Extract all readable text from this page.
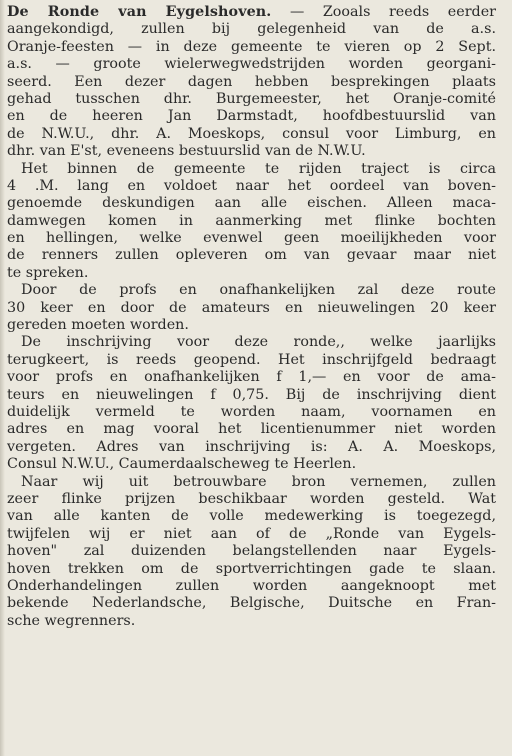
De Ronde van Eygelshoven. — Zooals reeds eerder
aangekondigd, zullen bij gelegenheid van de a.s.
Oranje-feesten — in deze gemeente te vieren op 2 Sept.
a.s. — groote wielerwegwedstrijden worden georgani-
seerd. Een dezer dagen hebben besprekingen plaats
gehad tusschen dhr. Burgemeester, het Oranje-comité
en de heeren Jan Darmstadt, hoofdbestuurslid van
de N.W.U., dhr. A. Moeskops, consul voor Limburg, en
dhr. van E'st, eveneens bestuurslid van de N.W.U.
Het binnen de gemeente te rijden traject is circa
4 .M. lang en voldoet naar het oordeel van boven-
genoemde deskundigen aan alle eischen. Alleen maca-
damwegen komen in aanmerking met flinke bochten
en hellingen, welke evenwel geen moeilijkheden voor
de renners zullen opleveren om van gevaar maar niet
te spreken.
Door de profs en onafhankelijken zal deze route
30 keer en door de amateurs en nieuwelingen 20 keer
gereden moeten worden.
De inschrijving voor deze ronde,, welke jaarlijks
terugkeert, is reeds geopend. Het inschrijfgeld bedraagt
voor profs en onafhankelijken f 1,— en voor de ama-
teurs en nieuwelingen f 0,75. Bij de inschrijving dient
duidelijk vermeld te worden naam, voornamen en
adres en mag vooral het licentienummer niet worden
vergeten. Adres van inschrijving is: A. A. Moeskops,
Consul N.W.U., Caumerdaalscheweg te Heerlen.
Naar wij uit betrouwbare bron vernemen, zullen
zeer flinke prijzen beschikbaar worden gesteld. Wat
van alle kanten de volle medewerking is toegezegd,
twijfelen wij er niet aan of de „Ronde van Eygels-
hoven" zal duizenden belangstellenden naar Eygels-
hoven trekken om de sportverrichtingen gade te slaan.
Onderhandelingen zullen worden aangeknoopt met
bekende Nederlandsche, Belgische, Duitsche en Fran-
sche wegrenners.
